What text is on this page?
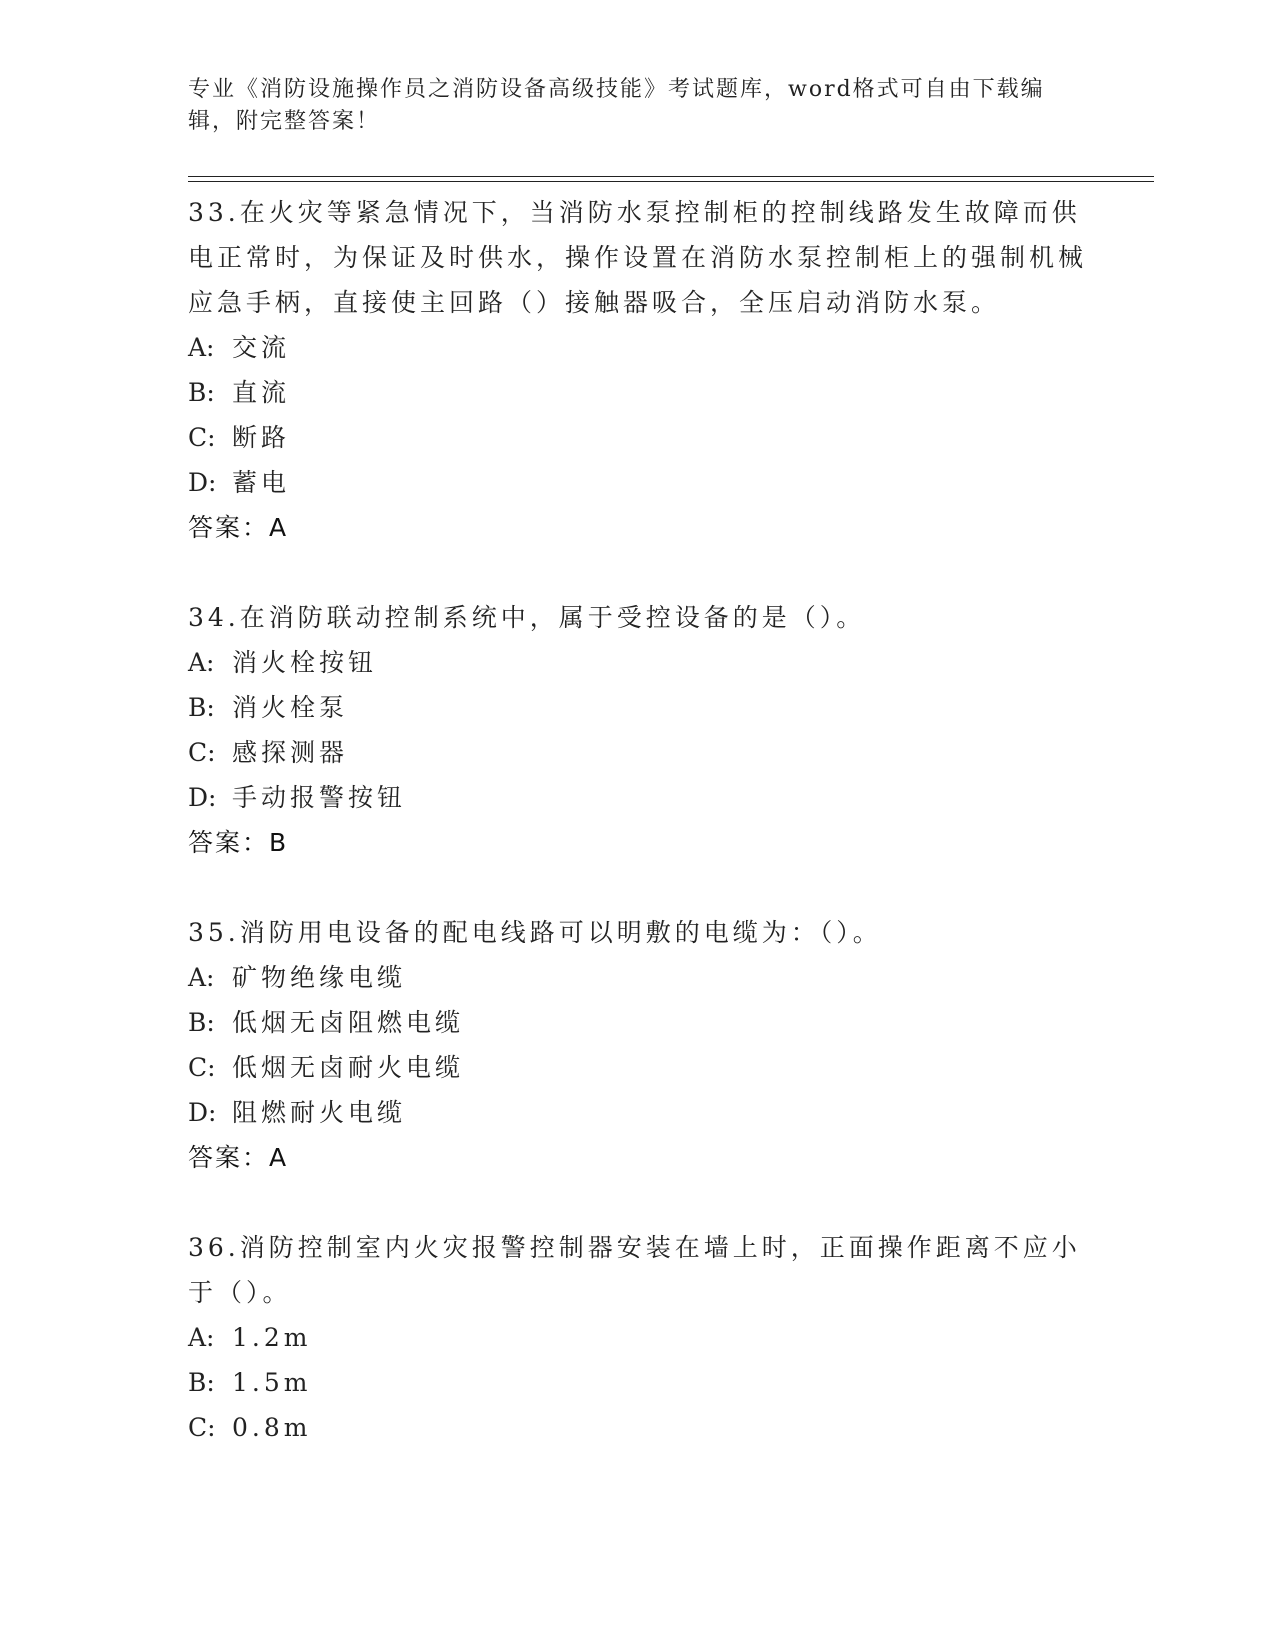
专业《消防设施操作员之消防设备高级技能》考试题库，word格式可自由下载编辑，附完整答案！
33.在火灾等紧急情况下，当消防水泵控制柜的控制线路发生故障而供电正常时，为保证及时供水，操作设置在消防水泵控制柜上的强制机械应急手柄，直接使主回路（）接触器吸合，全压启动消防水泵。
A: 交流
B: 直流
C: 断路
D: 蓄电
答案：A
34.在消防联动控制系统中，属于受控设备的是（）。
A: 消火栓按钮
B: 消火栓泵
C: 感探测器
D: 手动报警按钮
答案：B
35.消防用电设备的配电线路可以明敷的电缆为：（）。
A: 矿物绝缘电缆
B: 低烟无卤阻燃电缆
C: 低烟无卤耐火电缆
D: 阻燃耐火电缆
答案：A
36.消防控制室内火灾报警控制器安装在墙上时，正面操作距离不应小于（）。
A: 1.2m
B: 1.5m
C: 0.8m
